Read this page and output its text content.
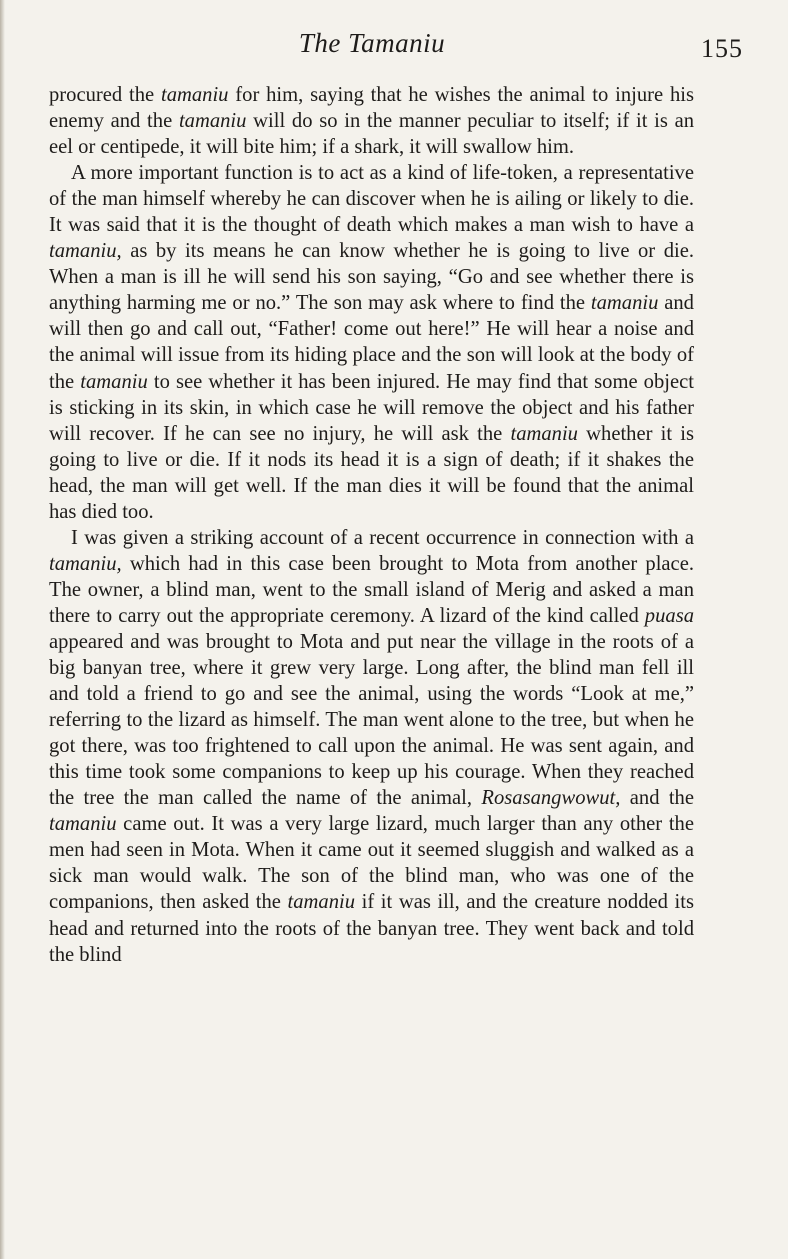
The Tamaniu	155

procured the tamaniu for him, saying that he wishes the animal to injure his enemy and the tamaniu will do so in the manner peculiar to itself; if it is an eel or centipede, it will bite him; if a shark, it will swallow him.

A more important function is to act as a kind of life-token, a representative of the man himself whereby he can discover when he is ailing or likely to die. It was said that it is the thought of death which makes a man wish to have a tamaniu, as by its means he can know whether he is going to live or die. When a man is ill he will send his son saying, “Go and see whether there is anything harming me or no.” The son may ask where to find the tamaniu and will then go and call out, “Father! come out here!” He will hear a noise and the animal will issue from its hiding place and the son will look at the body of the tamaniu to see whether it has been injured. He may find that some object is sticking in its skin, in which case he will remove the object and his father will recover. If he can see no injury, he will ask the tamaniu whether it is going to live or die. If it nods its head it is a sign of death; if it shakes the head, the man will get well. If the man dies it will be found that the animal has died too.

I was given a striking account of a recent occurrence in connection with a tamaniu, which had in this case been brought to Mota from another place. The owner, a blind man, went to the small island of Merig and asked a man there to carry out the appropriate ceremony. A lizard of the kind called puasa appeared and was brought to Mota and put near the village in the roots of a big banyan tree, where it grew very large. Long after, the blind man fell ill and told a friend to go and see the animal, using the words “Look at me,” referring to the lizard as himself. The man went alone to the tree, but when he got there, was too frightened to call upon the animal. He was sent again, and this time took some companions to keep up his courage. When they reached the tree the man called the name of the animal, Rosasangwowut, and the tamaniu came out. It was a very large lizard, much larger than any other the men had seen in Mota. When it came out it seemed sluggish and walked as a sick man would walk. The son of the blind man, who was one of the companions, then asked the tamaniu if it was ill, and the creature nodded its head and returned into the roots of the banyan tree. They went back and told the blind
